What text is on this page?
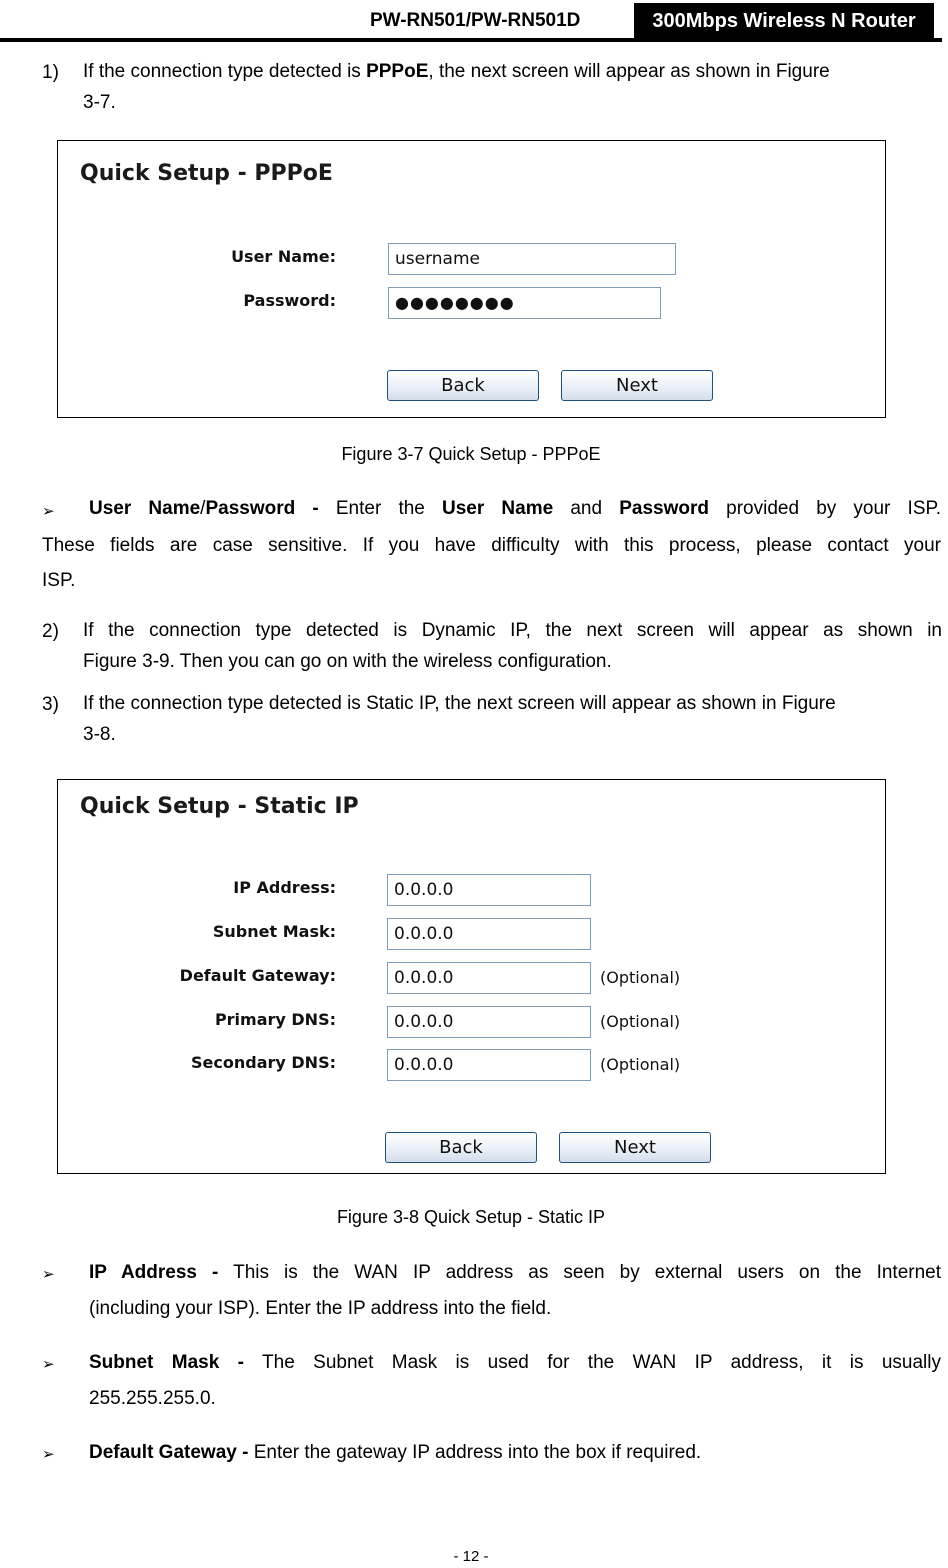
PW-RN501/PW-RN501D	300Mbps Wireless N Router
1) If the connection type detected is PPPoE, the next screen will appear as shown in Figure
3-7.
Quick Setup - PPPoE
User Name:	username
Password:	●●●●●●●●
Back	Next
Figure 3-7 Quick Setup - PPPoE
➢ User Name/Password - Enter the User Name and Password provided by your ISP.
These fields are case sensitive. If you have difficulty with this process, please contact your
ISP.
2) If the connection type detected is Dynamic IP, the next screen will appear as shown in
Figure 3-9. Then you can go on with the wireless configuration.
3) If the connection type detected is Static IP, the next screen will appear as shown in Figure
3-8.
Quick Setup - Static IP
IP Address:	0.0.0.0
Subnet Mask:	0.0.0.0
Default Gateway:	0.0.0.0	(Optional)
Primary DNS:	0.0.0.0	(Optional)
Secondary DNS:	0.0.0.0	(Optional)
Back	Next
Figure 3-8 Quick Setup - Static IP
➢ IP Address - This is the WAN IP address as seen by external users on the Internet
(including your ISP). Enter the IP address into the field.
➢ Subnet Mask - The Subnet Mask is used for the WAN IP address, it is usually
255.255.255.0.
➢ Default Gateway - Enter the gateway IP address into the box if required.
- 12 -
